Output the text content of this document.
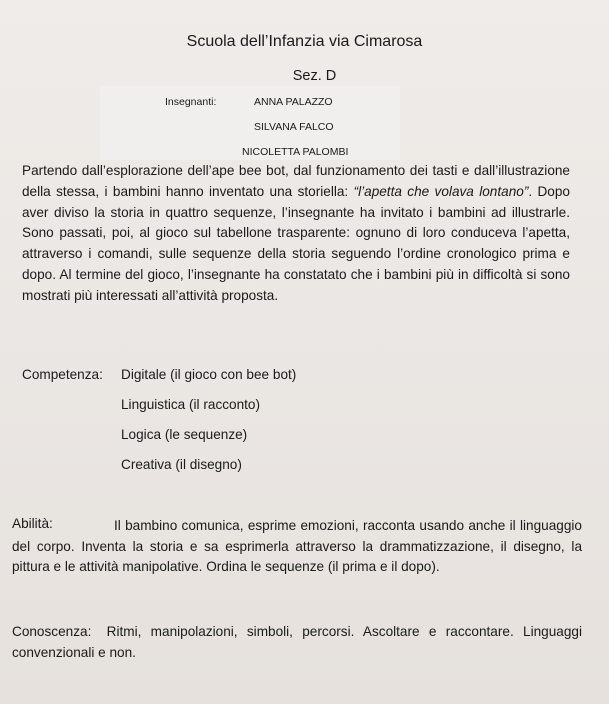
Scuola dell’Infanzia via Cimarosa
Sez. D
Insegnanti:	ANNA PALAZZO
SILVANA FALCO
NICOLETTA PALOMBI
Partendo dall’esplorazione dell’ape bee bot, dal funzionamento dei tasti e dall’illustrazione della stessa, i bambini hanno inventato una storiella: “l’apetta che volava lontano”. Dopo aver diviso la storia in quattro sequenze, l’insegnante ha invitato i bambini ad illustrarle. Sono passati, poi, al gioco sul tabellone trasparente: ognuno di loro conduceva l’apetta, attraverso i comandi, sulle sequenze della storia seguendo l’ordine cronologico prima e dopo. Al termine del gioco, l’insegnante ha constatato che i bambini più in difficoltà si sono mostrati più interessati all’attività proposta.
Competenza: Digitale (il gioco con bee bot)
Linguistica (il racconto)
Logica (le sequenze)
Creativa (il disegno)
Abilità:	Il bambino comunica, esprime emozioni, racconta usando anche il linguaggio del corpo. Inventa la storia e sa esprimerla attraverso la drammatizzazione, il disegno, la pittura e le attività manipolative. Ordina le sequenze (il prima e il dopo).
Conoscenza: Ritmi, manipolazioni, simboli, percorsi. Ascoltare e raccontare. Linguaggi convenzionali e non.
